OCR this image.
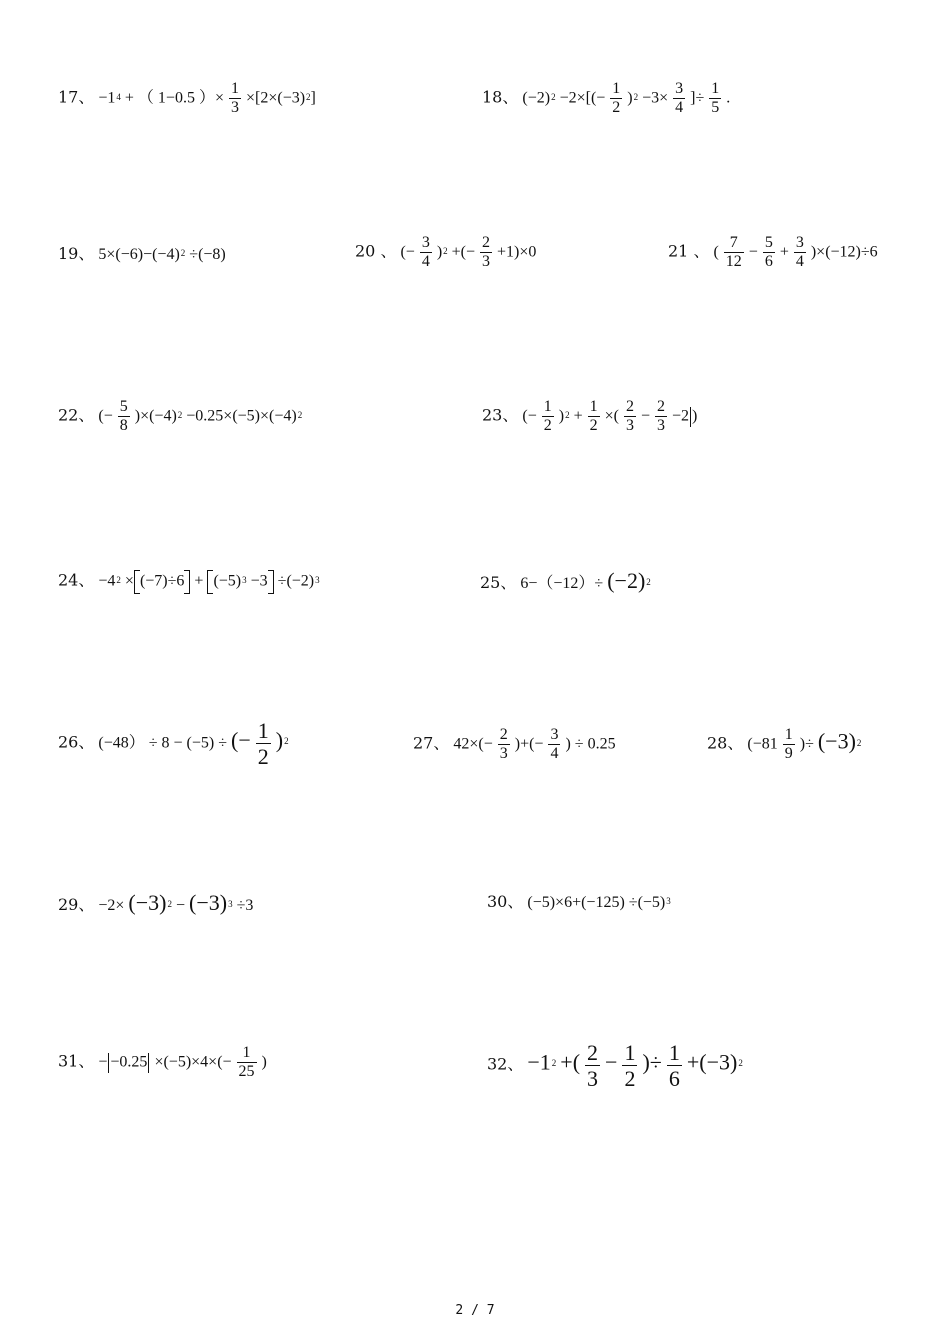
17、 $-1^4$ + （ 1−0.5 ）× $\frac{1}{3} \times[2\times(-3)^2]$	18、 $(-2)^2 -2\times[(- \frac{1}{2} )^2 -3\times \frac{3}{4}$ ]÷ $\frac{1}{5}$ .
19、 $5\times(-6)-(-4)^2 \div(-8)$	20 、 (− $\frac{3}{4} )^2$ +(− $\frac{2}{3} +1)\times 0$	21 、 ( $\frac{7}{12} - \frac{5}{6} + \frac{3}{4} )\times(-12)\div 6$
22、 (− $\frac{5}{8} )\times(-4)^2 -0.25\times(-5)\times(-4)^2$	23、 (− $\frac{1}{2} )^2 + \frac{1}{2}$ ×( $\frac{2}{3} - \frac{2}{3} -2$ )
24、 $-4^2 \times (-7)\div 6 + (-5)^3 -3 \div(-2)^3$	25、 $6-(-12)\div (-2)^2$
26、 (−48） ÷ 8 − (−5) ÷ (− $\frac{1}{2} )^2$	27、 $42\times(- \frac{2}{3}$ )+(− $\frac{3}{4}$ ) ÷ 0.25	28、 ($-81 \frac{1}{9}$ )÷ $(-3)^2$
29、 $-2\times (-3)^2 - (-3)^3 \div 3$	30、 $(-5)\times 6+(-125) \div(-5)^3$
31、 − $-0.25 \times(-5)\times 4\times(- \frac{1}{25}$ )	32、 $-1^2$ +( $\frac{2}{3} - \frac{1}{2}$ )÷ $\frac{1}{6} +(-3)^2$
2 / 7
